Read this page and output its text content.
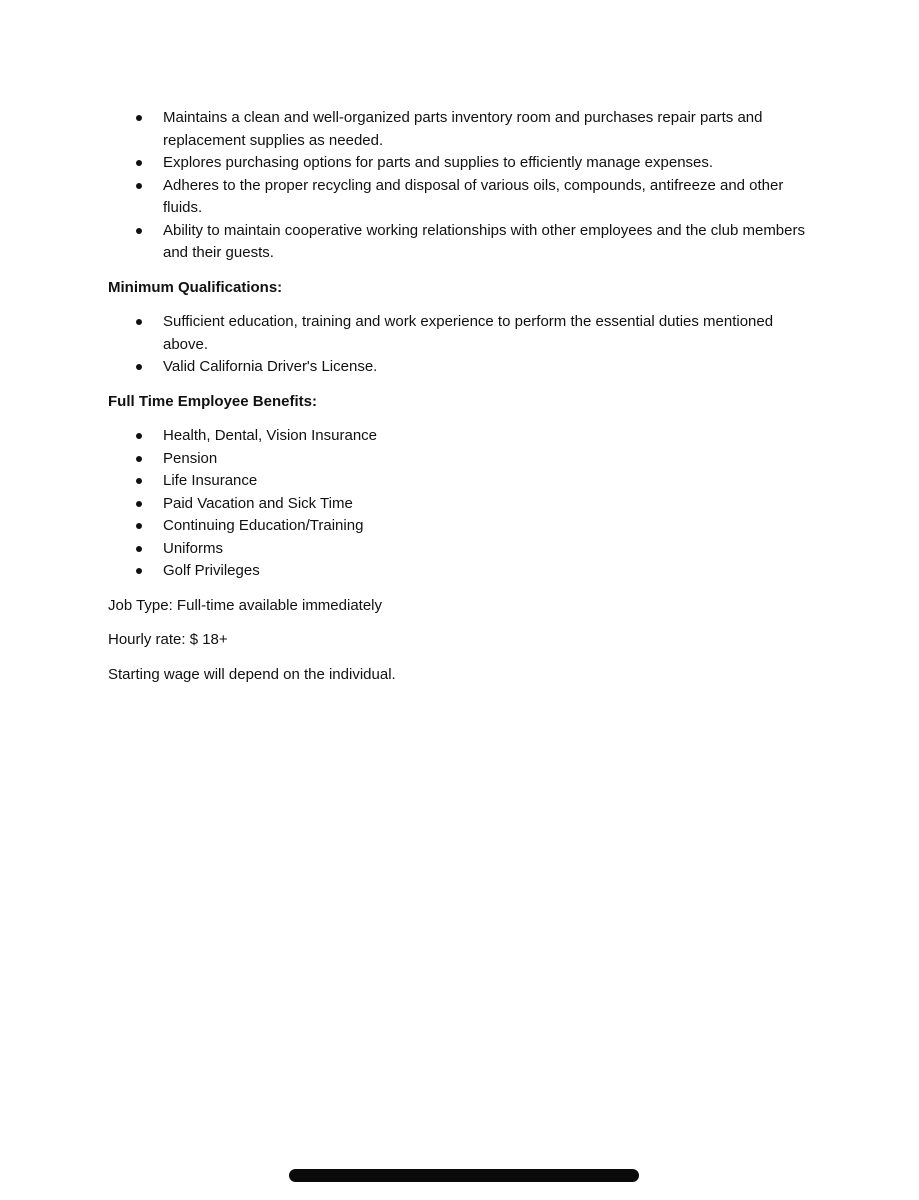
Maintains a clean and well-organized parts inventory room and purchases repair parts and replacement supplies as needed.
Explores purchasing options for parts and supplies to efficiently manage expenses.
Adheres to the proper recycling and disposal of various oils, compounds, antifreeze and other fluids.
Ability to maintain cooperative working relationships with other employees and the club members and their guests.
Minimum Qualifications:
Sufficient education, training and work experience to perform the essential duties mentioned above.
Valid California Driver's License.
Full Time Employee Benefits:
Health, Dental, Vision Insurance
Pension
Life Insurance
Paid Vacation and Sick Time
Continuing Education/Training
Uniforms
Golf Privileges
Job Type: Full-time available immediately
Hourly rate: $ 18+
Starting wage will depend on the individual.
